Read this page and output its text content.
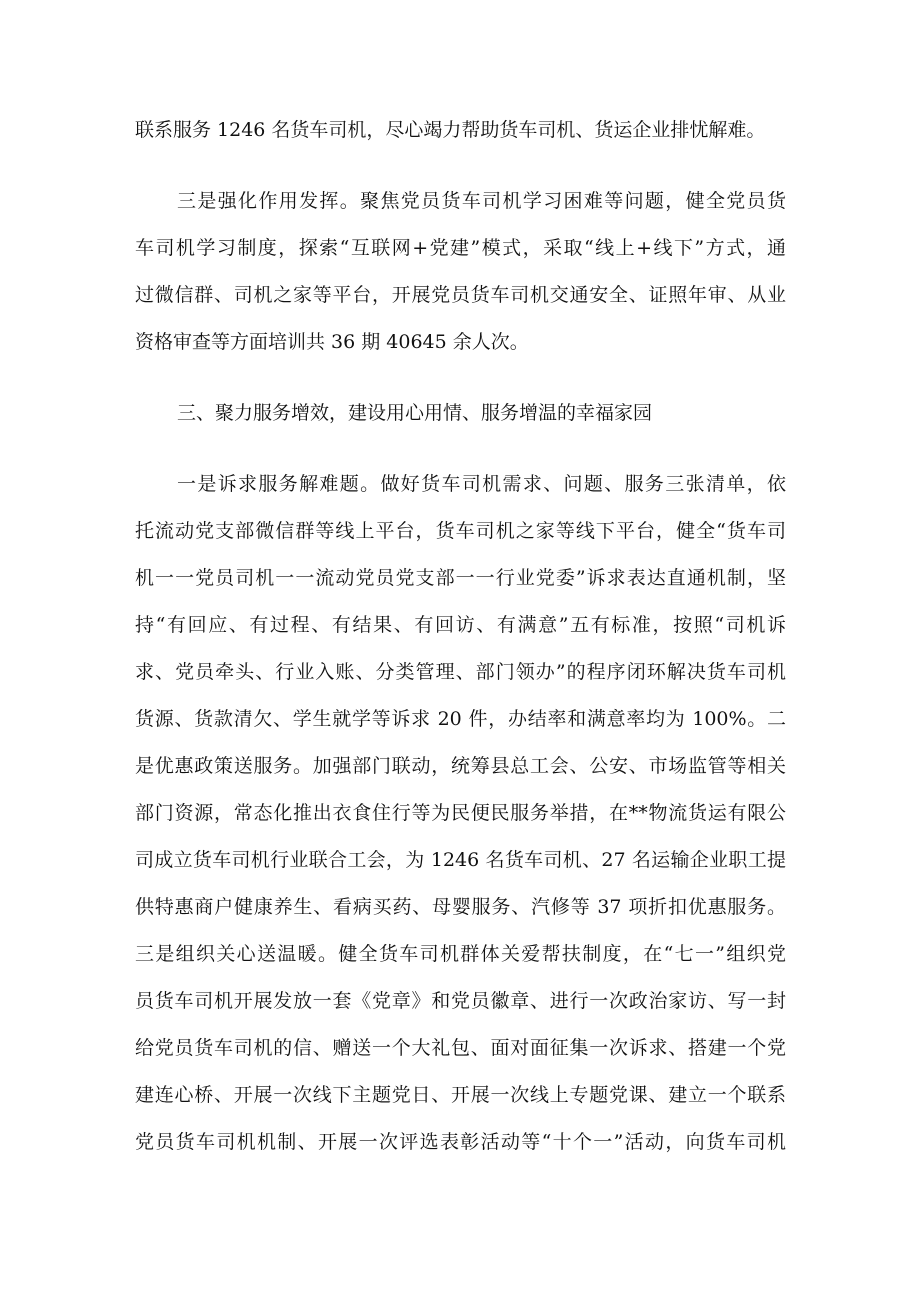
联系服务 1246 名货车司机，尽心竭力帮助货车司机、货运企业排忧解难。
三是强化作用发挥。聚焦党员货车司机学习困难等问题，健全党员货
车司机学习制度，探索“互联网+党建”模式，采取“线上+线下”方式，通
过微信群、司机之家等平台，开展党员货车司机交通安全、证照年审、从业
资格审查等方面培训共 36 期 40645 余人次。
三、聚力服务增效，建设用心用情、服务增温的幸福家园
一是诉求服务解难题。做好货车司机需求、问题、服务三张清单，依
托流动党支部微信群等线上平台，货车司机之家等线下平台，健全“货车司
机一一党员司机一一流动党员党支部一一行业党委”诉求表达直通机制，坚
持“有回应、有过程、有结果、有回访、有满意”五有标准，按照“司机诉
求、党员牵头、行业入账、分类管理、部门领办”的程序闭环解决货车司机
货源、货款清欠、学生就学等诉求 20 件，办结率和满意率均为 100%。二
是优惠政策送服务。加强部门联动，统筹县总工会、公安、市场监管等相关
部门资源，常态化推出衣食住行等为民便民服务举措，在**物流货运有限公
司成立货车司机行业联合工会，为 1246 名货车司机、27 名运输企业职工提
供特惠商户健康养生、看病买药、母婴服务、汽修等 37 项折扣优惠服务。
三是组织关心送温暖。健全货车司机群体关爱帮扶制度，在“七一”组织党
员货车司机开展发放一套《党章》和党员徽章、进行一次政治家访、写一封
给党员货车司机的信、赠送一个大礼包、面对面征集一次诉求、搭建一个党
建连心桥、开展一次线下主题党日、开展一次线上专题党课、建立一个联系
党员货车司机机制、开展一次评选表彰活动等“十个一”活动，向货车司机
